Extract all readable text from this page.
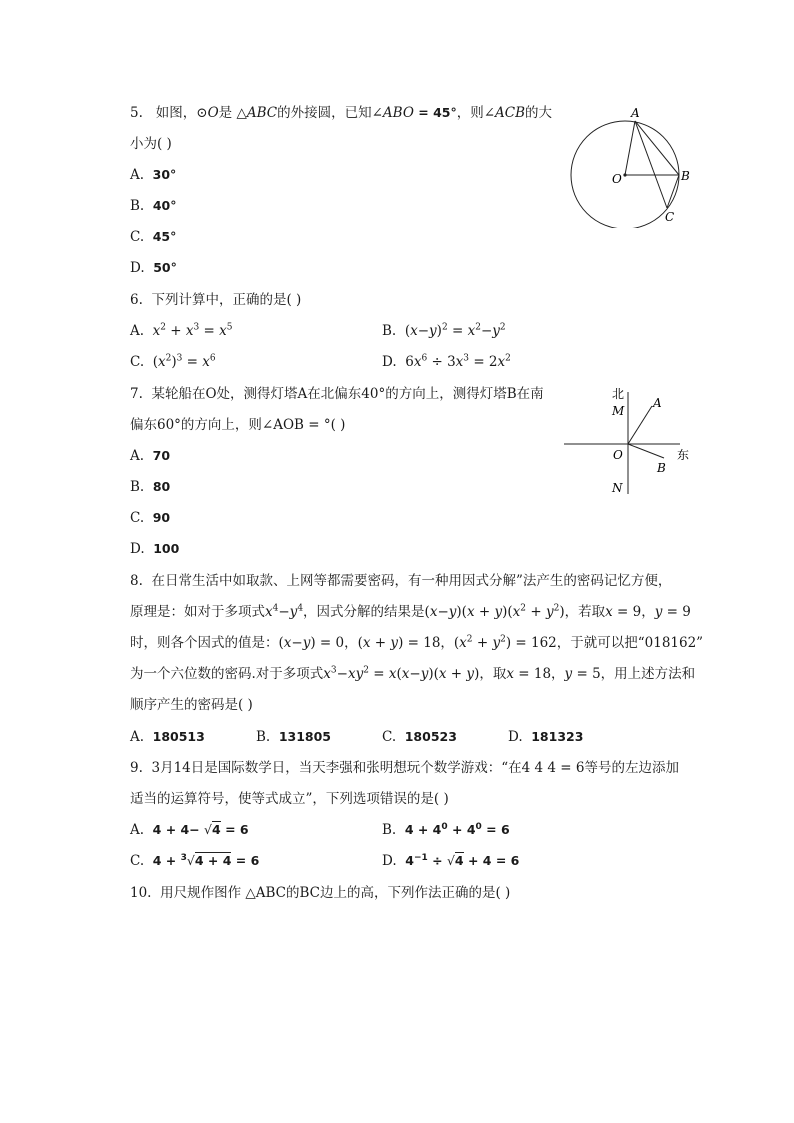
5. 如图，⊙O是 △ABC的外接圆，已知∠ABO = 45°，则∠ACB的大
小为( )
A. 30°
B. 40°
C. 45°
D. 50°
A
B
C
O
6. 下列计算中，正确的是( )
A. $x^2 + x^3 = x^5$	B. $(x-y)^2 = x^2-y^2$
C. $(x^2)^3 = x^6$	D. $6x^6 \div 3x^3 = 2x^2$
7. 某轮船在O处，测得灯塔A在北偏东40°的方向上，测得灯塔B在南
偏东60°的方向上，则∠AOB = °( )
A. 70
B. 80
C. 90
D. 100
北
M
A
O	东
B
N
8. 在日常生活中如取款、上网等都需要密码，有一种用因式分解”法产生的密码记忆方便，
原理是：如对于多项式$x^4-y^4$，因式分解的结果是$(x-y)(x + y)(x^2 + y^2)$，若取x = 9，y = 9
时，则各个因式的值是：(x−y) = 0，(x + y) = 18，$(x^2 + y^2) = 162$，于就可以把“018162”
为一个六位数的密码.对于多项式$x^3-xy^2 = x(x-y)(x + y)$，取x = 18，y = 5，用上述方法和
顺序产生的密码是( )
A. 180513	B. 131805	C. 180523	D. 181323
9. 3月14日是国际数学日，当天李强和张明想玩个数学游戏：“在4 4 4 = 6等号的左边添加
适当的运算符号，使等式成立”，下列选项错误的是( )
A. 4 + 4− √4 = 6	B. $4 + 4^0 + 4^0 = 6$
C. 4 + $^3$√4 + 4 = 6	D. $4^{-1} \div √4 + 4 = 6$
10. 用尺规作图作 △ABC的BC边上的高，下列作法正确的是( )
